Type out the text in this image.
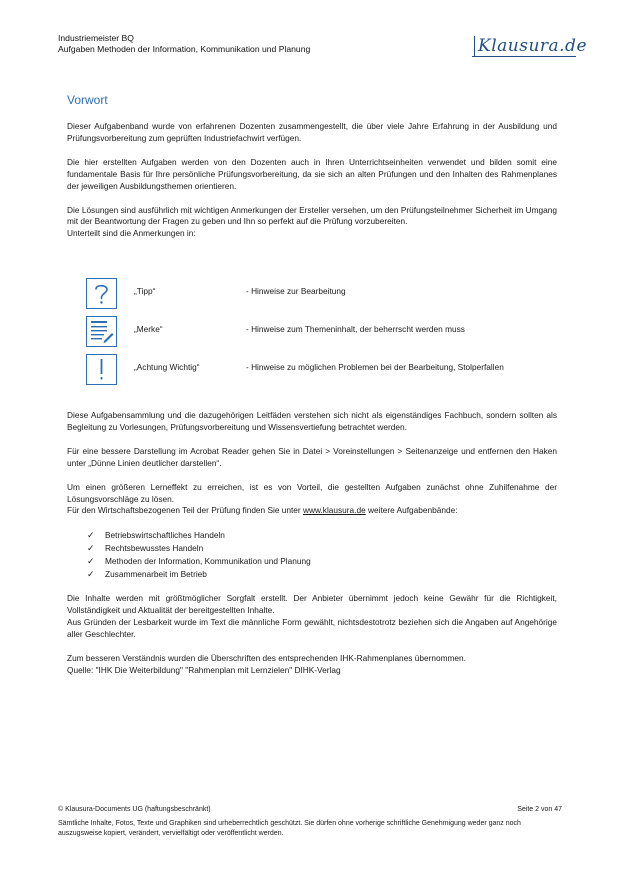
Industriemeister BQ
Aufgaben Methoden der Information, Kommunikation und Planung	Klausura.de
Vorwort
Dieser Aufgabenband wurde von erfahrenen Dozenten zusammengestellt, die über viele Jahre Erfahrung in der Ausbildung und Prüfungsvorbereitung zum geprüften Industriefachwirt verfügen.
Die hier erstellten Aufgaben werden von den Dozenten auch in Ihren Unterrichtseinheiten verwendet und bilden somit eine fundamentale Basis für Ihre persönliche Prüfungsvorbereitung, da sie sich an alten Prüfungen und den Inhalten des Rahmenplanes der jeweiligen Ausbildungsthemen orientieren.
Die Lösungen sind ausführlich mit wichtigen Anmerkungen der Ersteller versehen, um den Prüfungsteilnehmer Sicherheit im Umgang mit der Beantwortung der Fragen zu geben und Ihn so perfekt auf die Prüfung vorzubereiten.
Unterteilt sind die Anmerkungen in:
„Tipp“	- Hinweise zur Bearbeitung
„Merke“	- Hinweise zum Themeninhalt, der beherrscht werden muss
„Achtung Wichtig“	- Hinweise zu möglichen Problemen bei der Bearbeitung, Stolperfallen
Diese Aufgabensammlung und die dazugehörigen Leitfäden verstehen sich nicht als eigenständiges Fachbuch, sondern sollten als Begleitung zu Vorlesungen, Prüfungsvorbereitung und Wissensvertiefung betrachtet werden.
Für eine bessere Darstellung im Acrobat Reader gehen Sie in Datei > Voreinstellungen > Seitenanzeige und entfernen den Haken unter „Dünne Linien deutlicher darstellen“.
Um einen größeren Lerneffekt zu erreichen, ist es von Vorteil, die gestellten Aufgaben zunächst ohne Zuhilfenahme der Lösungsvorschläge zu lösen.
Für den Wirtschaftsbezogenen Teil der Prüfung finden Sie unter www.klausura.de weitere Aufgabenbände:
✓ Betriebswirtschaftliches Handeln
✓ Rechtsbewusstes Handeln
✓ Methoden der Information, Kommunikation und Planung
✓ Zusammenarbeit im Betrieb
Die Inhalte werden mit größtmöglicher Sorgfalt erstellt. Der Anbieter übernimmt jedoch keine Gewähr für die Richtigkeit, Vollständigkeit und Aktualität der bereitgestellten Inhalte.
Aus Gründen der Lesbarkeit wurde im Text die männliche Form gewählt, nichtsdestotrotz beziehen sich die Angaben auf Angehörige aller Geschlechter.
Zum besseren Verständnis wurden die Überschriften des entsprechenden IHK-Rahmenplanes übernommen.
Quelle: "IHK Die Weiterbildung" "Rahmenplan mit Lernzielen" DIHK-Verlag
© Klausura-Documents UG (haftungsbeschränkt)	Seite 2 von 47
Sämtliche Inhalte, Fotos, Texte und Graphiken sind urheberrechtlich geschützt. Sie dürfen ohne vorherige schriftliche Genehmigung weder ganz noch auszugsweise kopiert, verändert, vervielfältigt oder veröffentlicht werden.
